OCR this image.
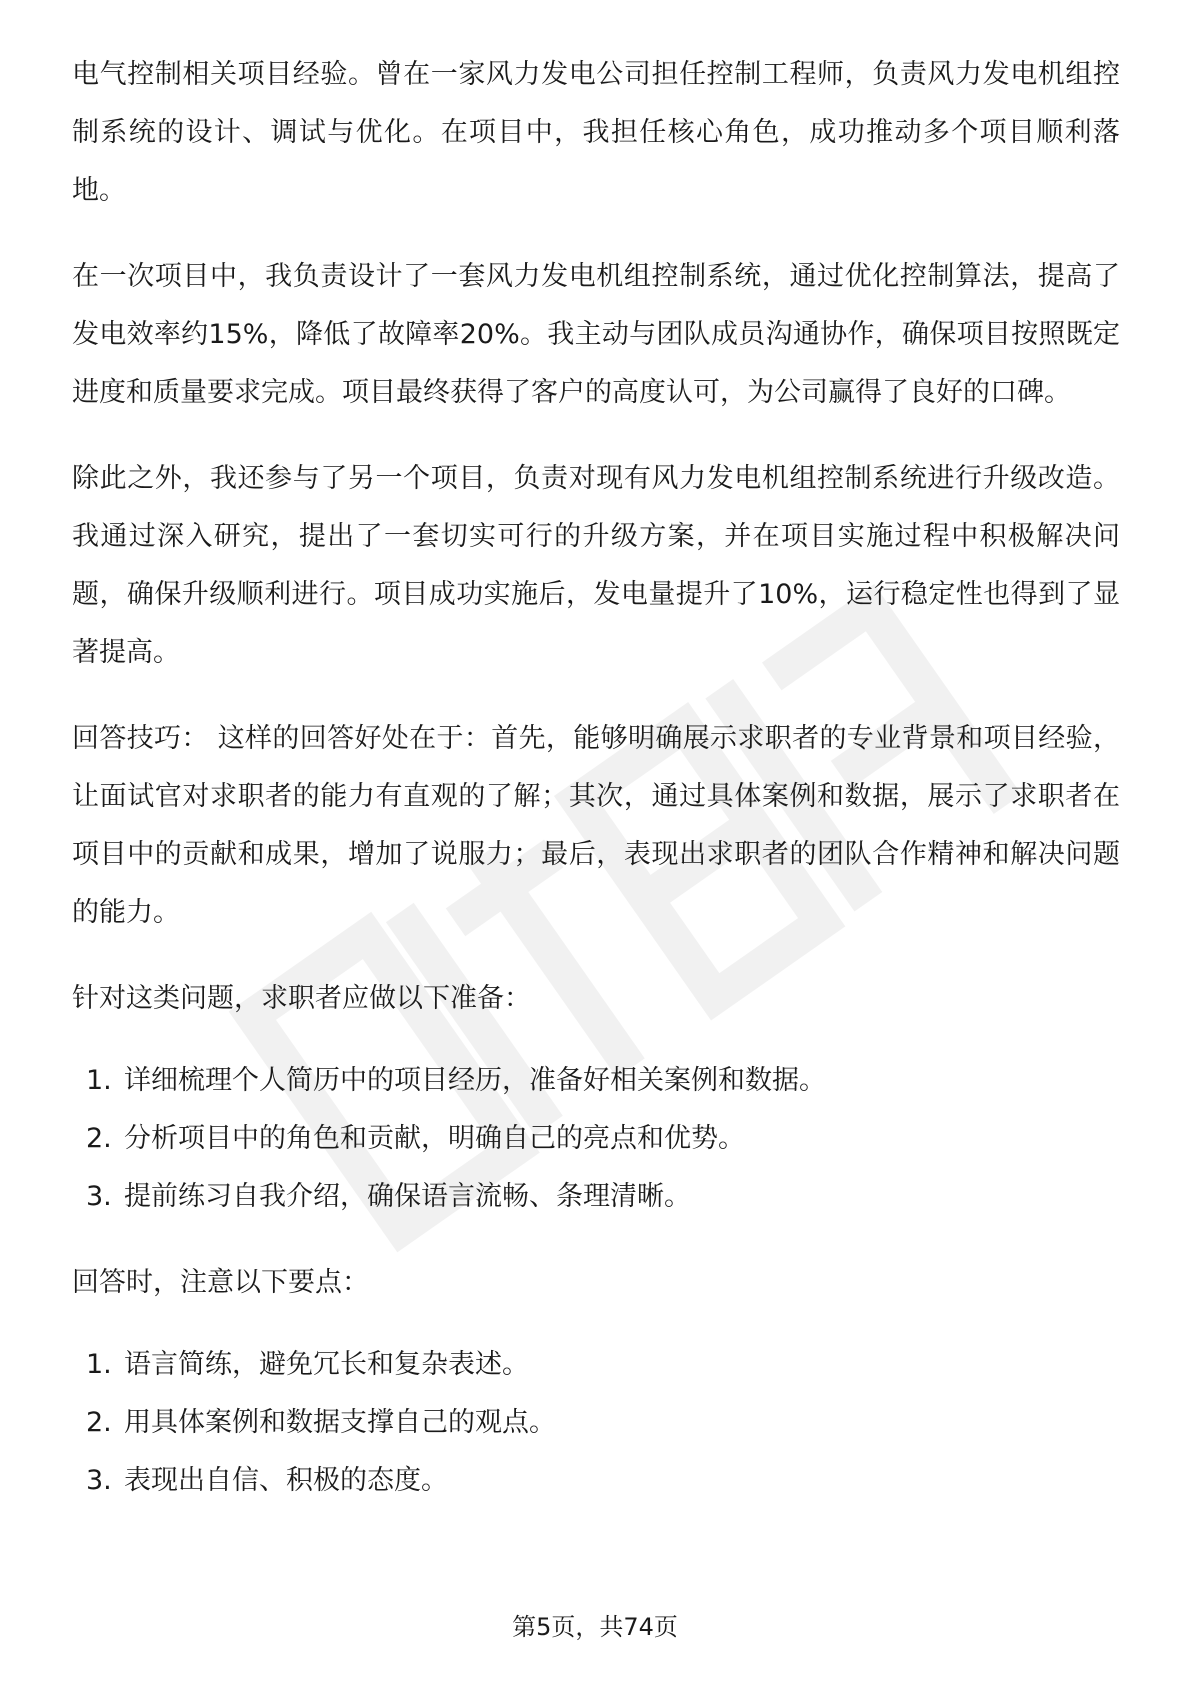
电气控制相关项目经验。曾在一家风力发电公司担任控制工程师，负责风力发电机组控制系统的设计、调试与优化。在项目中，我担任核心角色，成功推动多个项目顺利落地。

在一次项目中，我负责设计了一套风力发电机组控制系统，通过优化控制算法，提高了发电效率约15%，降低了故障率20%。我主动与团队成员沟通协作，确保项目按照既定进度和质量要求完成。项目最终获得了客户的高度认可，为公司赢得了良好的口碑。

除此之外，我还参与了另一个项目，负责对现有风力发电机组控制系统进行升级改造。我通过深入研究，提出了一套切实可行的升级方案，并在项目实施过程中积极解决问题，确保升级顺利进行。项目成功实施后，发电量提升了10%，运行稳定性也得到了显著提高。

回答技巧： 这样的回答好处在于：首先，能够明确展示求职者的专业背景和项目经验，让面试官对求职者的能力有直观的了解；其次，通过具体案例和数据，展示了求职者在项目中的贡献和成果，增加了说服力；最后，表现出求职者的团队合作精神和解决问题的能力。

针对这类问题，求职者应做以下准备：

1. 详细梳理个人简历中的项目经历，准备好相关案例和数据。
2. 分析项目中的角色和贡献，明确自己的亮点和优势。
3. 提前练习自我介绍，确保语言流畅、条理清晰。

回答时，注意以下要点：

1. 语言简练，避免冗长和复杂表述。
2. 用具体案例和数据支撑自己的观点。
3. 表现出自信、积极的态度。
第5页，共74页
